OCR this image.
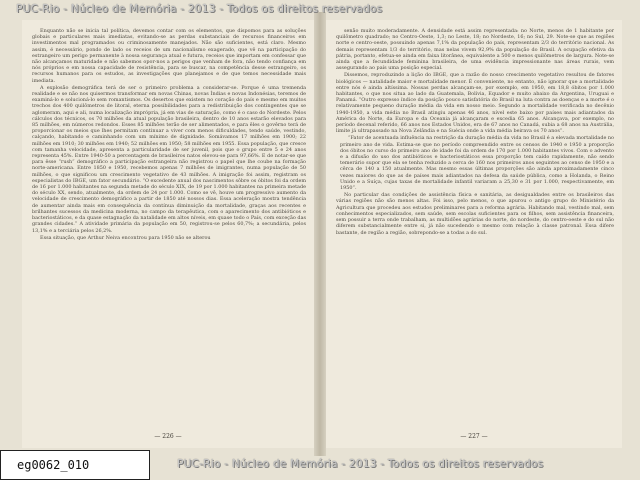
Enquanto não se inicia tal política, devemos contar com os elementos, que dispomos para as soluções globais e particulares mais imediatas, evitando-se as perdas substanciais de recursos financeiros em investimentos mal programados ou criminosamente manejados. Não são suficientes, está claro. Mesmo assim, é necessário, pondo de lado os receios de um nacionalismo exagerado, que vê na participação do estrangeiro um perigo permanente à nossa segurança atual e futura, receios que importam em confessar que não alcançamos maturidade e não sabemos opor-nos a perigos que venham de fora, não tendo confiança em nós próprios e em nossa capacidade de resistência, para se buscar, na competência desse estrangeiro, os recursos humanos para os estudos, as investigações que planejamos e de que temos necessidade mais imediata.

A explosão demográfica terá de ser o primeiro problema a considerar-se. Porque é uma tremenda realidade e se não nos quisermos transformar em novas Chinas, novas Índias e novas Indonésias, teremos de examiná-lo e solucioná-lo sem romantismos. Os desertos que existem no coração do país e mesmo em muitos trechos dos 400 quilômetros de litoral, eterna possibilidades para a redistribuição dos contingentes que se aglomeram, aqui e ali, numa localização imprópria, já em vias de saturação, como é o caso do Nordeste. Pelos cálculos dos técnicos, os 70 milhões da atual população brasileira, dentro de 10 anos estarão elevados para 85 milhões, em números redondos. Esses 85 milhões terão de ser alimentados, e para êles o govêrno terá de proporcionar os meios que lhes permitam continuar a viver com menos dificuldades, tendo saúde, vestindo, calçando, habitando e caminhando com um mínimo de dignidade. Somávamos 17 milhões em 1900; 22 milhões em 1910; 30 milhões em 1940; 52 milhões em 1950; 58 milhões em 1955. Essa população, que cresce com tamanha velocidade, apresenta a particularidade de ser juvenil, pois que o grupo entre 5 e 24 anos representa 45%. Entre 1940-50 a percentagem de brasileiros natos elevou-se para 97,66%. E de notar-se que para êsse “rush” demográfico a participação estrangeira não registrou o papel que lhe coube na formação norte-americana. Entre 1850 e 1950, recebemos apenas 7 milhões de imigrantes, numa população de 50 milhões, o que significou um crescimento vegetativo de 43 milhões. A imigração foi assim, registram os especialistas do IBGE, um fator secundário. “O excedente anual dos nascimentos sôbre os óbitos foi da ordem de 16 por 1.000 habitantes na segunda metade do século XIX, de 19 por 1.000 habitantes na primeira metade do século XX, sendo, atualmente, da ordem de 24 por 1.000. Como se vê, houve um progressivo aumento da velocidade de crescimento demográfico a partir de 1850 até nossos dias. Essa aceleração mostra tendência de aumentar ainda mais em consequência da contínua diminuição da mortalidade, graças aos recentes e brilhantes sucessos da medicina moderna, no campo da terapêutica, com o aparecimento dos antibióticos e bacteriostáticos, e da quase estagnação da natalidade em altos níveis, em quase todo o País, com exceção das grandes cidades.” A atividade primária da população em 50, registrou-se pelos 60,7%; a secundária, pelos 13,1% e a terciária pelos 26,2%.

Essa situação, que Arthur Neiva encontrou para 1950 não se alterou

— 226 —

senão muito moderadamente. A densidade está assim representada: no Norte, menos de 1 habitante por quilômetro quadrado; no Centro-Oeste, 1,3; no Leste, 18; no Nordeste, 16; no Sul, 29. Note-se que as regiões norte e centro-oeste, possuindo apenas 7,1% da população do país, representam 2/3 do território nacional. As demais representam 1/3 do território, mas nelas vivem 92,9% da população do Brasil. A ocupação efetiva da pátria, portanto, efetua-se ainda em faixa litorânea, equivalente a 500 e menos quilômetros de largura. Note-se ainda que a fecundidade feminina brasileira, de uma evidência impressionante nas áreas rurais, vem assegurando ao país uma posição especial.

Dissemos, reproduzindo a lição do IBGE, que a razão do nosso crescimento vegetativo resultou de fatores biológicos — natalidade maior e mortalidade menor. É conveniente, no entanto, não ignorar que a mortalidade entre nós é ainda altíssima. Nossas perdas alcançam-se, por exemplo, em 1950, em 18,8 óbitos por 1.000 habitantes, o que nos situa ao lado da Guatemala, Bolívia, Equador e muito abaixo da Argentina, Uruguai e Panamá. “Outro expresso índice da posição pouco satisfatória do Brasil na luta contra as doenças e a morte é o relativamente pequeno duração média da vida em nosso meio. Segundo a mortalidade verificada no decênio 1940-1950, a vida média no Brasil atingiu apenas 46 anos, nível este baixo por países mais adiantados da América do Norte, da Europa e da Oceania já alcançaram e excedia 65 anos. Alcançava, por exemplo, no período decenal referido, 66 anos nos Estados Unidos, era de 67 anos no Canadá, subia a 68 anos na Austrália, limite já ultrapassado na Nova Zelândia e na Suécia onde a vida média beirava os 70 anos”.

“Fator de acentuada influência na restrição da duração média da vida no Brasil é a elevada mortalidade no primeiro ano de vida. Estima-se que no período compreendido entre os censos de 1940 e 1950 a proporção dos óbitos no curso do primeiro ano de idade foi da ordem de 170 por 1.000 habitantes vivos. Com o advento e a difusão do uso dos antibióticos e bacteriostáticos essa proporção tem caído rapidamente, não sendo temerário supor que ela se tenha reduzido a cerca de 160 nos primeiros anos seguintes ao censo de 1950 e a cêrca de 140 a 150 atualmente. Mas mesmo essas últimas proporções são ainda aproximadamente cinco vezes maiores do que as de países mais adiantados na defesa da saúde pública, como a Holanda, o Reino Unido e a Suíça, cujas taxas de mortalidade infantil variaram a 25,30 e 31 por 1.000, respectivamente, em 1950”.

No particular das condições de assistência física e sanitária, as desigualdades entre os brasileiros das várias regiões não são menos altas. Foi isso, pelo menos, o que apurou o antigo grupo do Ministério da Agricultura que procedeu aos estudos preliminares para a reforma agrária. Habitando mal, vestindo mal, sem conhecimentos especializados, sem saúde, sem escolas suficientes para os filhos, sem assistência financeira, sem possuir a terra onde trabalham, as multidões agrárias do norte, do nordeste, do centro-oeste e do sul não diferem substancialmente entre si, já não sucedendo o mesmo com relação à classe patronal. Essa difere bastante, de região a região, sobrepondo-se a todas a do sul.

— 227 —
PUC-Rio - Núcleo de Memória - 2013 - Todos os direitos reservados
PUC-Rio - Núcleo de Memória - 2013 - Todos os direitos reservados
eg0062_010
